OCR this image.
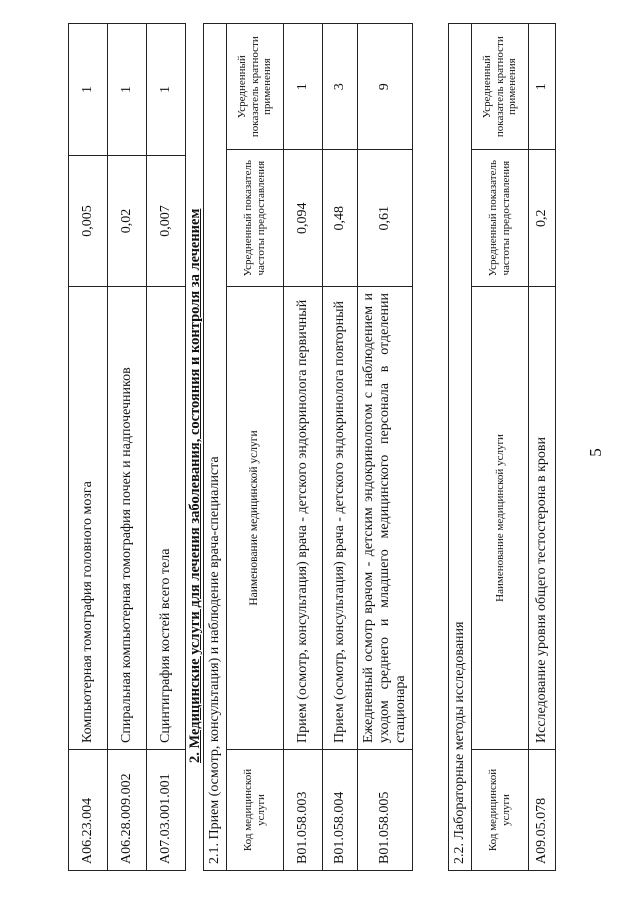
5
А06.23.004	Компьютерная томография головного мозга	0,005	1
А06.28.009.002	Спиральная компьютерная томография почек и надпочечников	0,02	1
А07.03.001.001	Сцинтиграфия костей всего тела	0,007	1
2. Медицинские услуги для лечения заболевания, состояния и контроля за лечением 2.1. Прием (осмотр, консультация) и наблюдение врача-специалиста			
Код медицинской услуги	Наименование медицинской услуги	Усредненный показатель частоты предоставления	Усредненный показатель кратности применения
В01.058.003	Прием (осмотр, консультация) врача - детского эндокринолога первичный	0,094	1
В01.058.004	Прием (осмотр, консультация) врача - детского эндокринолога повторный	0,48	3
В01.058.005	Ежедневный осмотр врачом - детским эндокринологом с наблюдением и уходом среднего и младшего медицинского персонала в отделении стационара	0,61	9
2.2. Лабораторные методы исследования			
Код медицинской услуги	Наименование медицинской услуги	Усредненный показатель частоты предоставления	Усредненный показатель кратности применения
А09.05.078	Исследование уровня общего тестостерона в крови	0,2	1
